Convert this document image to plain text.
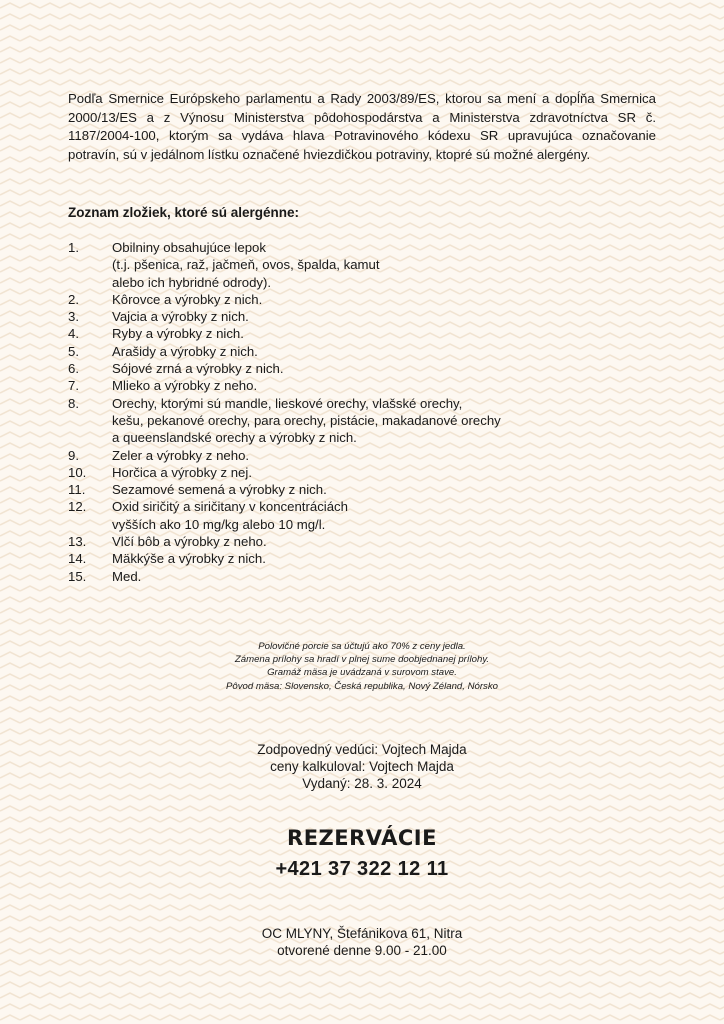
Podľa Smernice Európskeho parlamentu a Rady 2003/89/ES, ktorou sa mení a dopĺňa Smernica 2000/13/ES a z Výnosu Ministerstva pôdohospodárstva a Ministerstva zdravotníctva SR č. 1187/2004-100, ktorým sa vydáva hlava Potravinového kódexu SR upravujúca označovanie potravín, sú v jedálnom lístku označené hviezdičkou potraviny, ktopré sú možné alergény.

Zoznam zložiek, ktoré sú alergénne:

1.	Obilniny obsahujúce lepok
(t.j. pšenica, raž, jačmeň, ovos, špalda, kamut
alebo ich hybridné odrody).
2.	Kôrovce a výrobky z nich.
3.	Vajcia a výrobky z nich.
4.	Ryby a výrobky z nich.
5.	Arašidy a výrobky z nich.
6.	Sójové zrná a výrobky z nich.
7.	Mlieko a výrobky z neho.
8.	Orechy, ktorými sú mandle, lieskové orechy, vlašské orechy,
kešu, pekanové orechy, para orechy, pistácie, makadanové orechy
a queenslandské orechy a výrobky z nich.
9.	Zeler a výrobky z neho.
10.	Horčica a výrobky z nej.
11.	Sezamové semená a výrobky z nich.
12.	Oxid siričitý a siričitany v koncentráciách
vyšších ako 10 mg/kg alebo 10 mg/l.
13.	Vlčí bôb a výrobky z neho.
14.	Mäkkýše a výrobky z nich.
15.	Med.
Polovičné porcie sa účtujú ako 70% z ceny jedla.
Zámena prílohy sa hradí v plnej sume doobjednanej prílohy.
Gramáž mäsa je uvádzaná v surovom stave.
Pôvod mäsa: Slovensko, Česká republika, Nový Zéland, Nórsko
Zodpovedný vedúci: Vojtech Majda
ceny kalkuloval: Vojtech Majda
Vydaný: 28. 3. 2024
REZERVÁCIE
+421 37 322 12 11
OC MLYNY, Štefánikova 61, Nitra
otvorené denne 9.00 - 21.00
